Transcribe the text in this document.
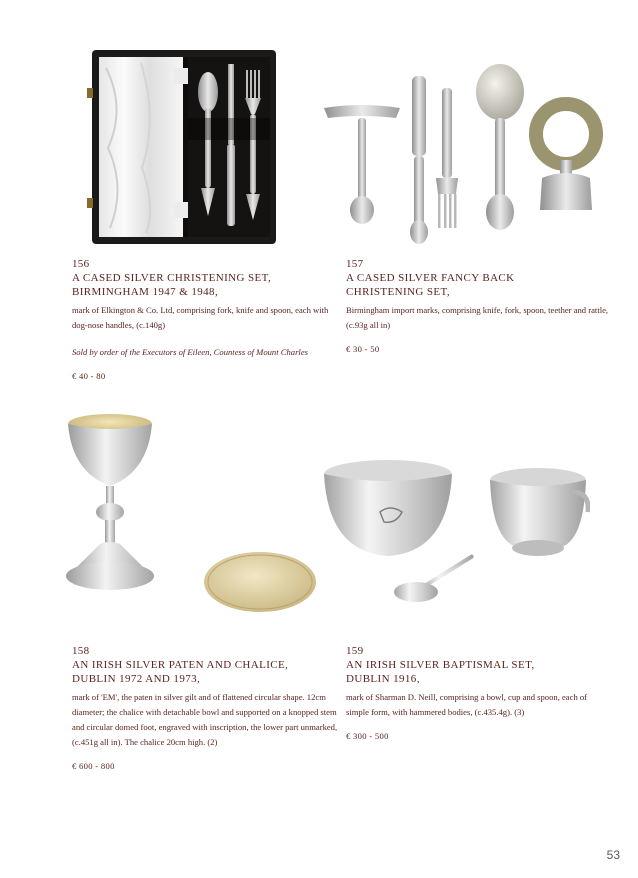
156
A CASED SILVER CHRISTENING SET,
BIRMINGHAM 1947 & 1948,
mark of Elkington & Co. Ltd, comprising fork, knife and spoon, each with dog-nose handles, (c.140g)
Sold by order of the Executors of Eileen, Countess of Mount Charles
€ 40 - 80
157
A CASED SILVER FANCY BACK
CHRISTENING SET,
Birmingham import marks, comprising knife, fork, spoon, teether and rattle, (c.93g all in)
€ 30 - 50
158
AN IRISH SILVER PATEN AND CHALICE,
DUBLIN 1972 AND 1973,
mark of 'EM', the paten in silver gilt and of flattened circular shape. 12cm diameter; the chalice with detachable bowl and supported on a knopped stem and circular domed foot, engraved with inscription, the lower part unmarked, (c.451g all in). The chalice 20cm high. (2)
€ 600 - 800
159
AN IRISH SILVER BAPTISMAL SET,
DUBLIN 1916,
mark of Sharman D. Neill, comprising a bowl, cup and spoon, each of simple form, with hammered bodies, (c.435.4g). (3)
€ 300 - 500
53
